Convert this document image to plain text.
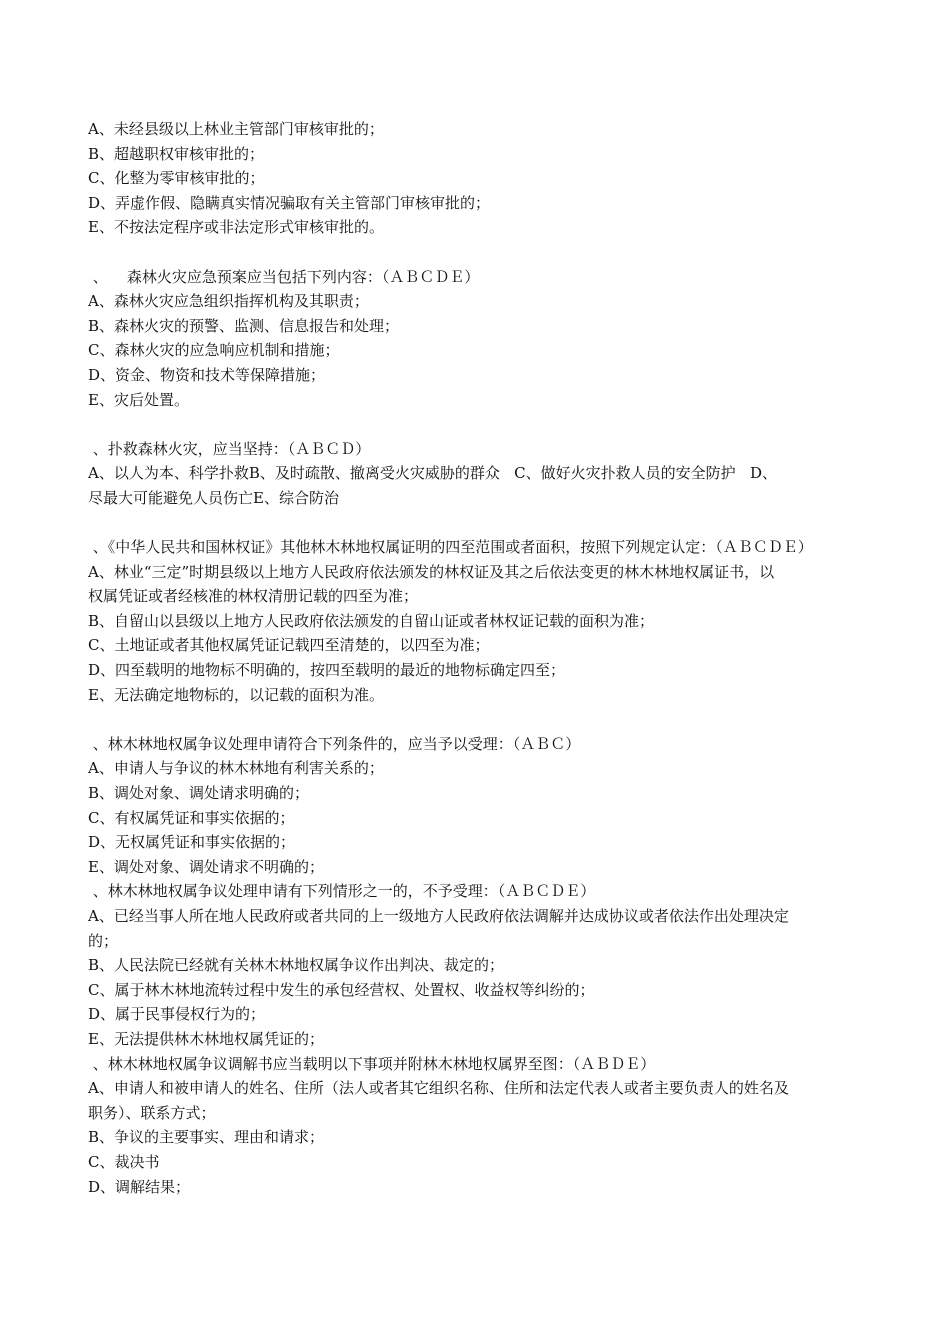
A、未经县级以上林业主管部门审核审批的；

B、超越职权审核审批的；

C、化整为零审核审批的；

D、弄虚作假、隐瞒真实情况骗取有关主管部门审核审批的；

E、不按法定程序或非法定形式审核审批的。

、    森林火灾应急预案应当包括下列内容：（ＡＢＣＤＥ）

A、森林火灾应急组织指挥机构及其职责；

B、森林火灾的预警、监测、信息报告和处理；

C、森林火灾的应急响应机制和措施；

D、资金、物资和技术等保障措施；

E、灾后处置。

、扑救森林火灾，应当坚持：（ＡＢＣＤ）

A、以人为本、科学扑救B、及时疏散、撤离受火灾威胁的群众   C、做好火灾扑救人员的安全防护   D、

尽最大可能避免人员伤亡E、综合防治

、《中华人民共和国林权证》其他林木林地权属证明的四至范围或者面积，按照下列规定认定：（ＡＢＣＤＥ）

A、林业“三定”时期县级以上地方人民政府依法颁发的林权证及其之后依法变更的林木林地权属证书，以

权属凭证或者经核准的林权清册记载的四至为准；

B、自留山以县级以上地方人民政府依法颁发的自留山证或者林权证记载的面积为准；

C、土地证或者其他权属凭证记载四至清楚的，以四至为准；

D、四至载明的地物标不明确的，按四至载明的最近的地物标确定四至；

E、无法确定地物标的，以记载的面积为准。

、林木林地权属争议处理申请符合下列条件的，应当予以受理：（ＡＢＣ）

A、申请人与争议的林木林地有利害关系的；

B、调处对象、调处请求明确的；

C、有权属凭证和事实依据的；

D、无权属凭证和事实依据的；

E、调处对象、调处请求不明确的；

、林木林地权属争议处理申请有下列情形之一的，不予受理：（ＡＢＣＤＥ）

A、已经当事人所在地人民政府或者共同的上一级地方人民政府依法调解并达成协议或者依法作出处理决定

的；

B、人民法院已经就有关林木林地权属争议作出判决、裁定的；

C、属于林木林地流转过程中发生的承包经营权、处置权、收益权等纠纷的；

D、属于民事侵权行为的；

E、无法提供林木林地权属凭证的；

、林木林地权属争议调解书应当载明以下事项并附林木林地权属界至图：（ＡＢＤＥ）

A、申请人和被申请人的姓名、住所（法人或者其它组织名称、住所和法定代表人或者主要负责人的姓名及

职务）、联系方式；

B、争议的主要事实、理由和请求；

C、裁决书

D、调解结果；
